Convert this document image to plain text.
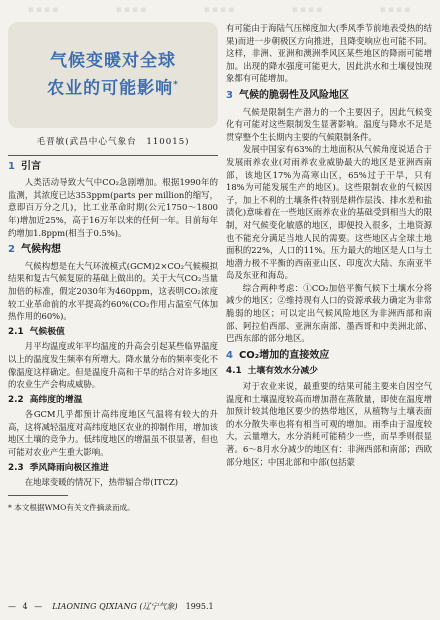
▪▪▪▪	▪▪▪▪	▪▪▪▪	▪▪▪▪	▪▪▪▪
气候变暖对全球
农业的可能影响*
毛晋敏(武昌中心气象台　110015)
1 引言

人类活动导致大气中CO₂急剧增加。根据1990年的监测，其浓度已达353ppm(parts per million的缩写，意即百万分之几)，比工业革命时期(公元1750～1800年)增加近25%，高于16万年以来的任何一年。目前每年约增加1.8ppm(相当于0.5%)。

2 气候构想

气候构想是在大气环流模式(GCM)2×CO₂气候模拟结果和复古气候复原的基础上做出的。关于大气CO₂当量加倍的标准，假定2030年为460ppm，这表明CO₂浓度较工业革命前的水平提高约60%(CO₂作用占温室气体加热作用的60%)。

2.1 气候极值

月平均温度或年平均温度的升高会引起某些临界温度以上的温度发生频率有所增大。降水量分布的频率变化不像温度这样确定。但是温度升高和干旱的结合对许多地区的农业生产会构成威胁。

2.2 高纬度的增温

各GCM几乎都预计高纬度地区气温将有较大的升高，这将减轻温度对高纬度地区农业的抑制作用，增加该地区土壤的竞争力。低纬度地区的增温虽不很显著，但也可能对农业产生重大影响。

2.3 季风降雨向极区推进

在地球变暖的情况下，热带辐合带(ITCZ)

* 本文根据WMO有关文件摘录而成。

有可能由于海陆气压梯度加大(季风季节前地表受热的结果)而进一步朝极区方向推进，且降变响应也可能不同。这样，非洲、亚洲和澳洲季风区某些地区的降雨可能增加。出现的降水强度可能更大，因此洪水和土壤侵蚀现象都有可能增加。

3 气候的脆弱性及风险地区

气候是限制生产潜力的一个主要因子，因此气候变化有可能对这些限制发生显著影响。温度与降水不足是贯穿整个生长期内主要的气候限制条件。

发展中国家有63%的土地面积从气候角度说适合于发展雨养农业(对雨养农业威胁最大的地区是亚洲西南部，该地区17%为高寒山区，65%过于干旱，只有18%为可能发展生产的地区)。这些限制农业的气候因子，加上不利的土壤条件(特别是耕作层浅、排水差和盐渍化)意味着在一些地区雨养农业的基础受到相当大的限制，对气候变化敏感的地区，即便投入很多，土地资源也不能充分满足当地人民的需要。这些地区占全球土地面积的22%，人口的11%。压力最大的地区是人口与土地潜力极不平衡的西南亚山区、印度次大陆、东南亚半岛及东亚和海岛。

综合两种考虑：①CO₂加倍平衡气候下土壤水分将减少的地区；②维持现有人口的资源承载力确定为非常脆弱的地区；可以定出气候风险地区为非洲西部和南部、阿拉伯西部、亚洲东南部、墨西哥和中美洲北部、巴西东部的部分地区。

4 CO₂增加的直接效应
4.1 土壤有效水分减少

对于农业来说，最重要的结果可能主要来自因空气温度和土壤温度较高而增加潜在蒸散量，即使在温度增加预计较其他地区要少的热带地区，从植物与土壤表面的水分散失率也将有相当可观的增加。雨季由于湿度较大，云量增大，水分消耗可能稍少一些，而旱季则很显著。6～8月水分减少的地区有：非洲西部和南部；西欧部分地区；中国北部和中部(包括蒙

— 4 — LIAONING QIXIANG (辽宁气象) 1995.1
